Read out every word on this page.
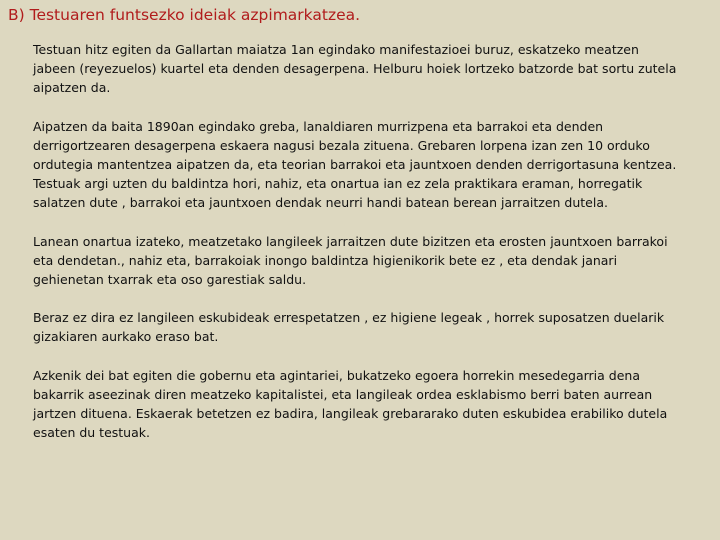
B) Testuaren funtsezko ideiak azpimarkatzea.

Testuan hitz egiten da Gallartan maiatza 1an egindako manifestazioei buruz, eskatzeko meatzen jabeen (reyezuelos) kuartel eta denden desagerpena. Helburu hoiek lortzeko batzorde bat sortu zutela aipatzen da.

Aipatzen da baita 1890an egindako greba, lanaldiaren murrizpena eta barrakoi eta denden derrigortzearen desagerpena eskaera nagusi bezala zituena. Grebaren lorpena izan zen 10 orduko ordutegia mantentzea aipatzen da, eta teorian barrakoi eta jauntxoen denden derrigortasuna kentzea. Testuak argi uzten du baldintza hori, nahiz, eta onartua ian ez zela praktikara eraman, horregatik salatzen dute , barrakoi eta jauntxoen dendak neurri handi batean berean jarraitzen dutela.

Lanean onartua izateko, meatzetako langileek jarraitzen dute bizitzen eta erosten jauntxoen barrakoi eta dendetan., nahiz eta, barrakoiak inongo baldintza higienikorik bete ez , eta dendak janari gehienetan txarrak eta oso garestiak saldu.

Beraz ez dira ez langileen eskubideak errespetatzen , ez higiene legeak , horrek suposatzen duelarik gizakiaren aurkako eraso bat.

Azkenik dei bat egiten die gobernu eta agintariei, bukatzeko egoera horrekin mesedegarria dena bakarrik aseezinak diren meatzeko kapitalistei, eta langileak ordea esklabismo berri baten aurrean jartzen dituena. Eskaerak betetzen ez badira, langileak grebararako duten eskubidea erabiliko dutela esaten du testuak.
